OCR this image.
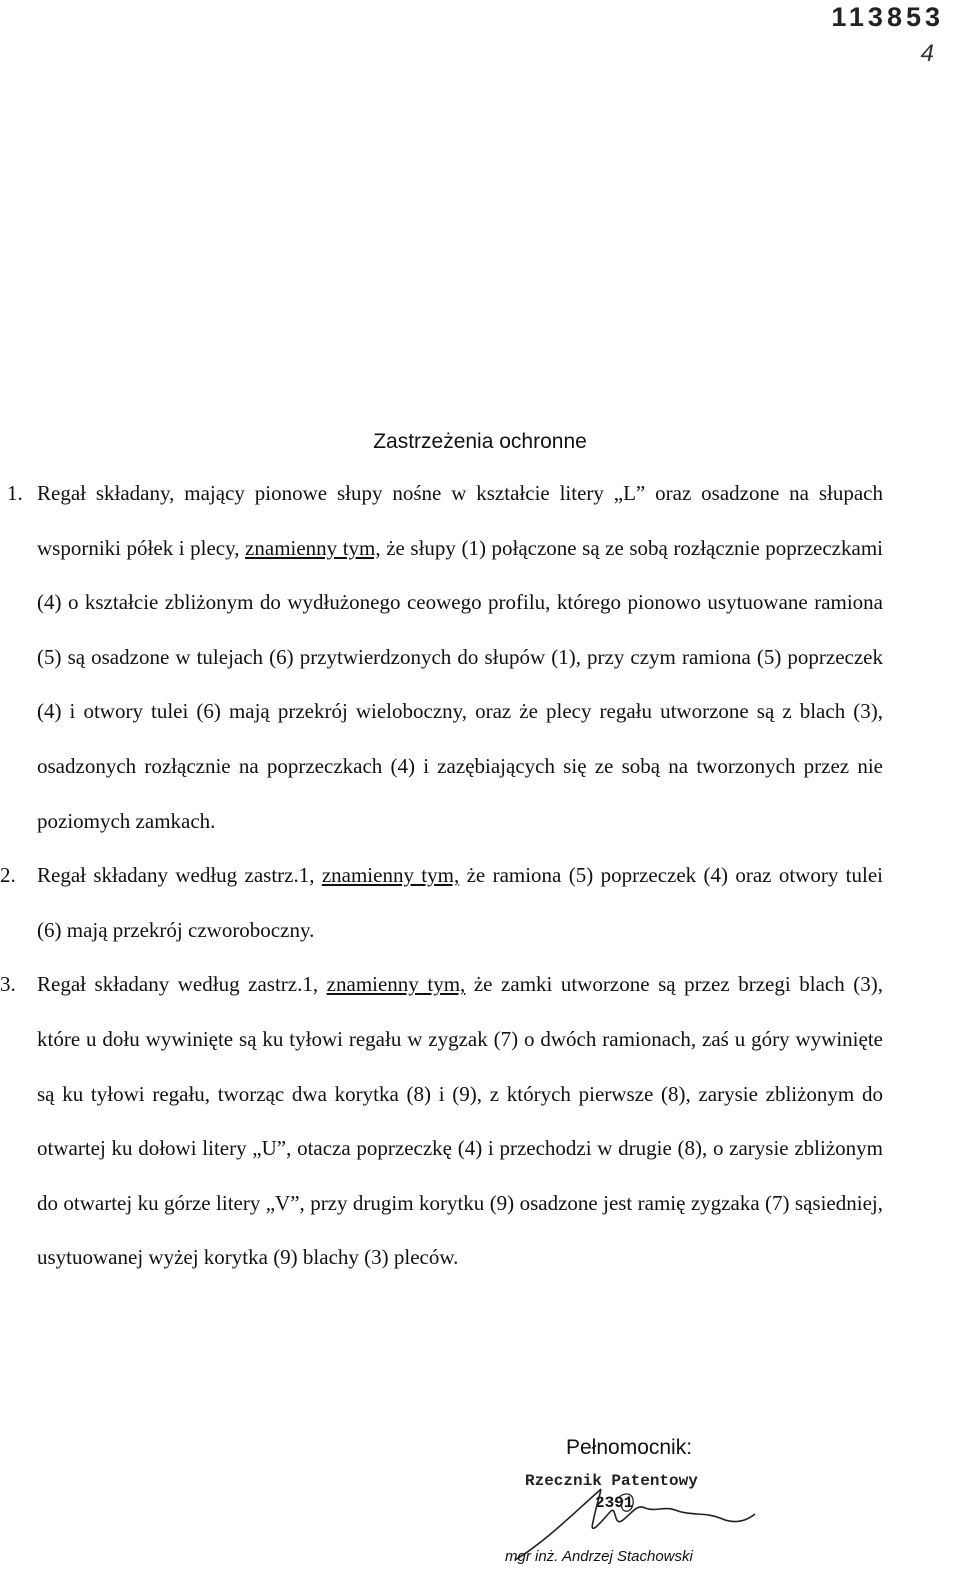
113853
4
Zastrzeżenia ochronne

1. Regał składany, mający pionowe słupy nośne w kształcie litery „L” oraz osadzone na słupach wsporniki półek i plecy, znamienny tym, że słupy (1) połączone są ze sobą rozłącznie poprzeczkami (4) o kształcie zbliżonym do wydłużonego ceowego profilu, którego pionowo usytuowane ramiona (5) są osadzone w tulejach (6) przytwierdzonych do słupów (1), przy czym ramiona (5) poprzeczek (4) i otwory tulei (6) mają przekrój wieloboczny, oraz że plecy regału utworzone są z blach (3), osadzonych rozłącznie na poprzeczkach (4) i zazębiających się ze sobą na tworzonych przez nie poziomych zamkach.

2. Regał składany według zastrz.1, znamienny tym, że ramiona (5) poprzeczek (4) oraz otwory tulei (6) mają przekrój czworoboczny.

3. Regał składany według zastrz.1, znamienny tym, że zamki utworzone są przez brzegi blach (3), które u dołu wywinięte są ku tyłowi regału w zygzak (7) o dwóch ramionach, zaś u góry wywinięte są ku tyłowi regału, tworząc dwa korytka (8) i (9), z których pierwsze (8), zarysie zbliżonym do otwartej ku dołowi litery „U”, otacza poprzeczkę (4) i przechodzi w drugie (8), o zarysie zbliżonym do otwartej ku górze litery „V”, przy drugim korytku (9) osadzone jest ramię zygzaka (7) sąsiedniej, usytuowanej wyżej korytka (9) blachy (3) pleców.

Pełnomocnik:
Rzecznik Patentowy
2391
mgr inż. Andrzej Stachowski
